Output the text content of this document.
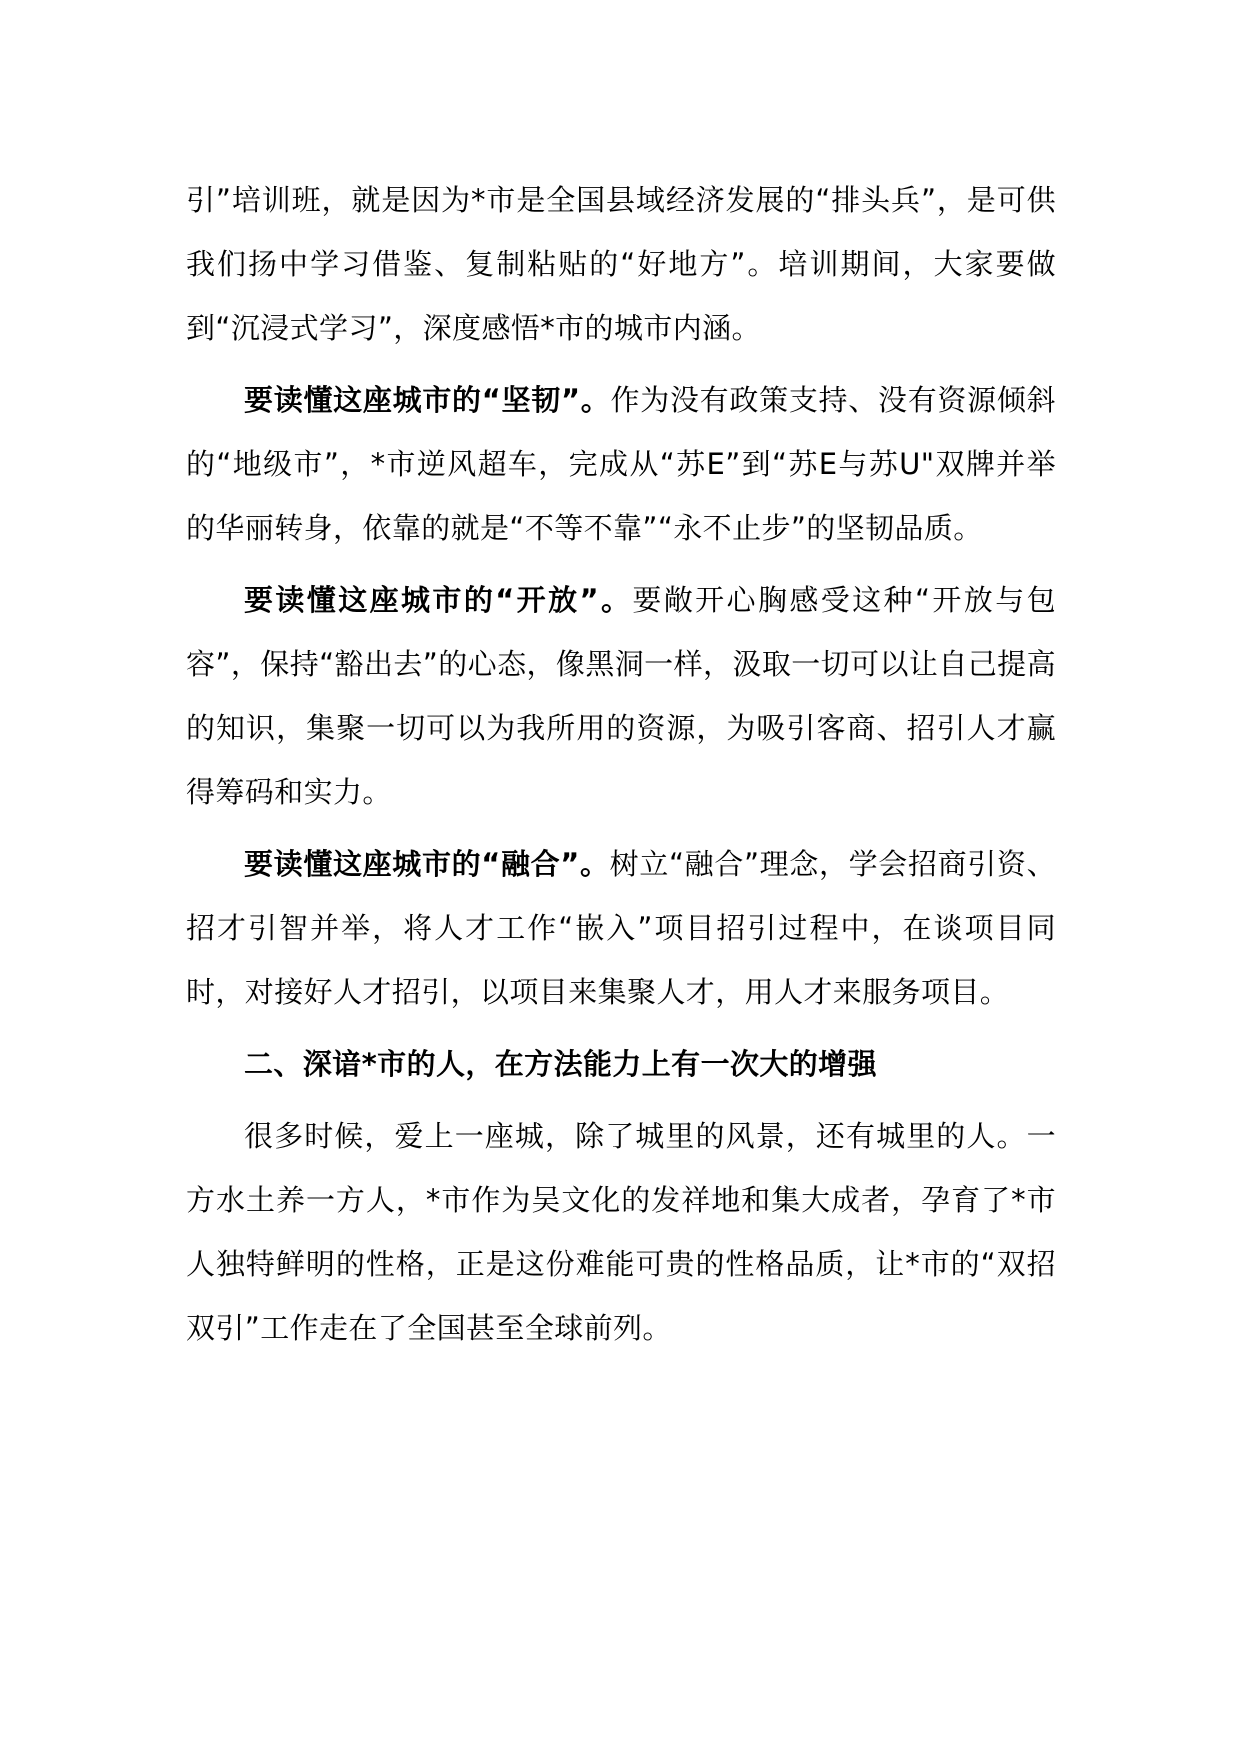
引”培训班，就是因为*市是全国县域经济发展的“排头兵”，是可供我们扬中学习借鉴、复制粘贴的“好地方”。培训期间，大家要做到“沉浸式学习”，深度感悟*市的城市内涵。

要读懂这座城市的“坚韧”。作为没有政策支持、没有资源倾斜的“地级市”，*市逆风超车，完成从“苏E”到“苏E与苏U"双牌并举的华丽转身，依靠的就是“不等不靠”“永不止步”的坚韧品质。

要读懂这座城市的“开放”。要敞开心胸感受这种“开放与包容”，保持“豁出去”的心态，像黑洞一样，汲取一切可以让自己提高的知识，集聚一切可以为我所用的资源，为吸引客商、招引人才赢得筹码和实力。

要读懂这座城市的“融合”。树立“融合”理念，学会招商引资、招才引智并举，将人才工作“嵌入”项目招引过程中，在谈项目同时，对接好人才招引，以项目来集聚人才，用人才来服务项目。

二、深谙*市的人，在方法能力上有一次大的增强

很多时候，爱上一座城，除了城里的风景，还有城里的人。一方水土养一方人，*市作为吴文化的发祥地和集大成者，孕育了*市人独特鲜明的性格，正是这份难能可贵的性格品质，让*市的“双招双引”工作走在了全国甚至全球前列。
